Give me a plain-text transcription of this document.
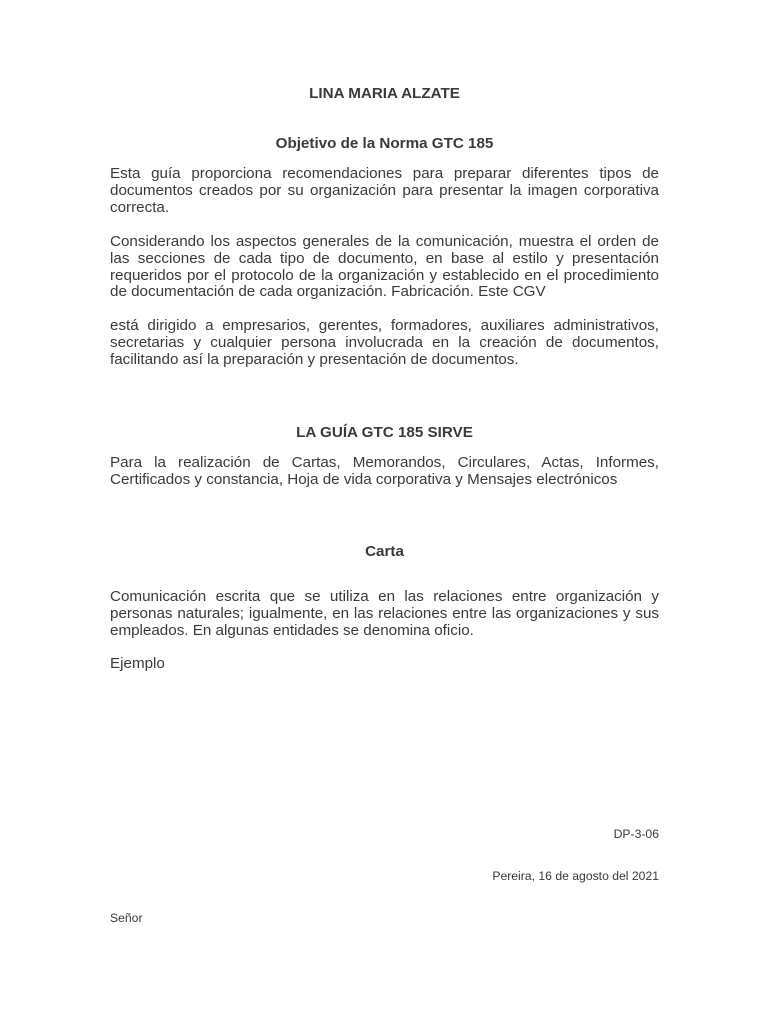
LINA MARIA ALZATE

Objetivo de la Norma GTC 185

Esta guía proporciona recomendaciones para preparar diferentes tipos de documentos creados por su organización para presentar la imagen corporativa correcta.

Considerando los aspectos generales de la comunicación, muestra el orden de las secciones de cada tipo de documento, en base al estilo y presentación requeridos por el protocolo de la organización y establecido en el procedimiento de documentación de cada organización. Fabricación. Este CGV

está dirigido a empresarios, gerentes, formadores, auxiliares administrativos, secretarias y cualquier persona involucrada en la creación de documentos, facilitando así la preparación y presentación de documentos.

LA GUÍA GTC 185 SIRVE

Para la realización de Cartas, Memorandos, Circulares, Actas, Informes, Certificados y constancia, Hoja de vida corporativa y Mensajes electrónicos

Carta

Comunicación escrita que se utiliza en las relaciones entre organización y personas naturales; igualmente, en las relaciones entre las organizaciones y sus empleados. En algunas entidades se denomina oficio.

Ejemplo

DP-3-06

Pereira, 16 de agosto del 2021

Señor
